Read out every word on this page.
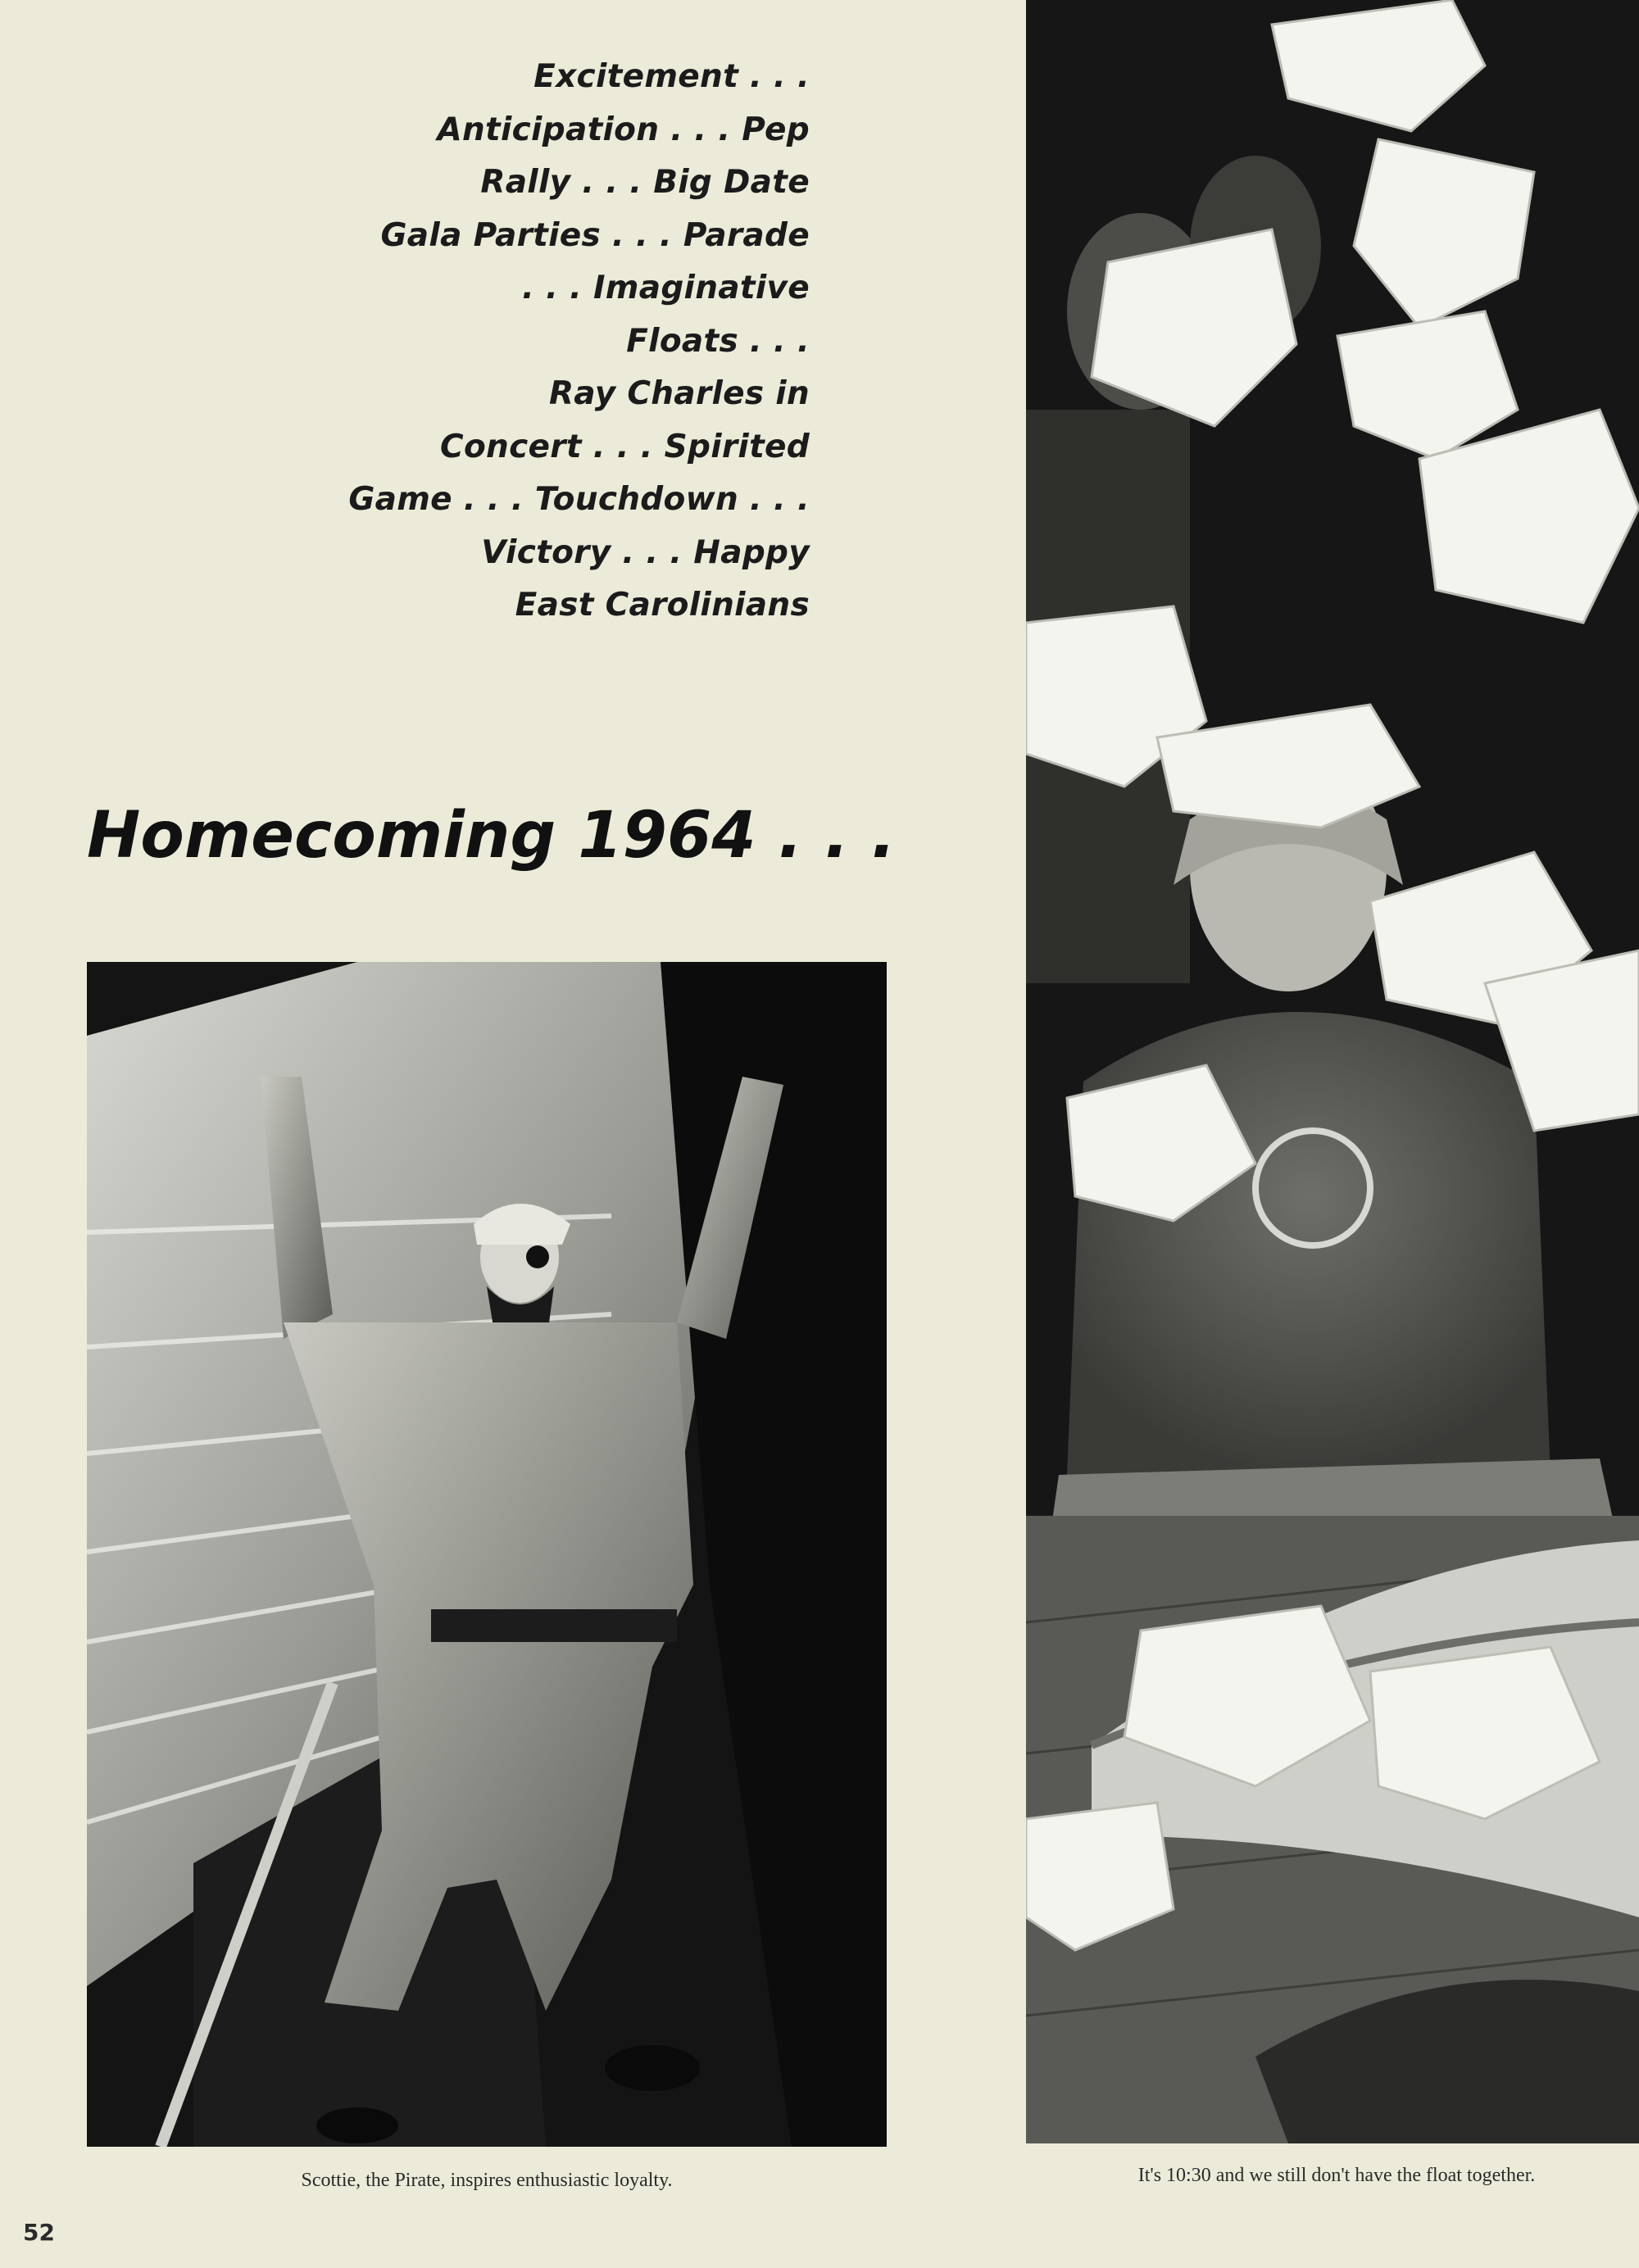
Excitement . . .
Anticipation . . . Pep
Rally . . . Big Date
Gala Parties . . . Parade
. . . Imaginative
Floats . . .
Ray Charles in
Concert . . . Spirited
Game . . . Touchdown . . .
Victory . . . Happy
East Carolinians
Homecoming 1964 . . .
Scottie, the Pirate, inspires enthusiastic loyalty.	It's 10:30 and we still don't have the float together.
52
